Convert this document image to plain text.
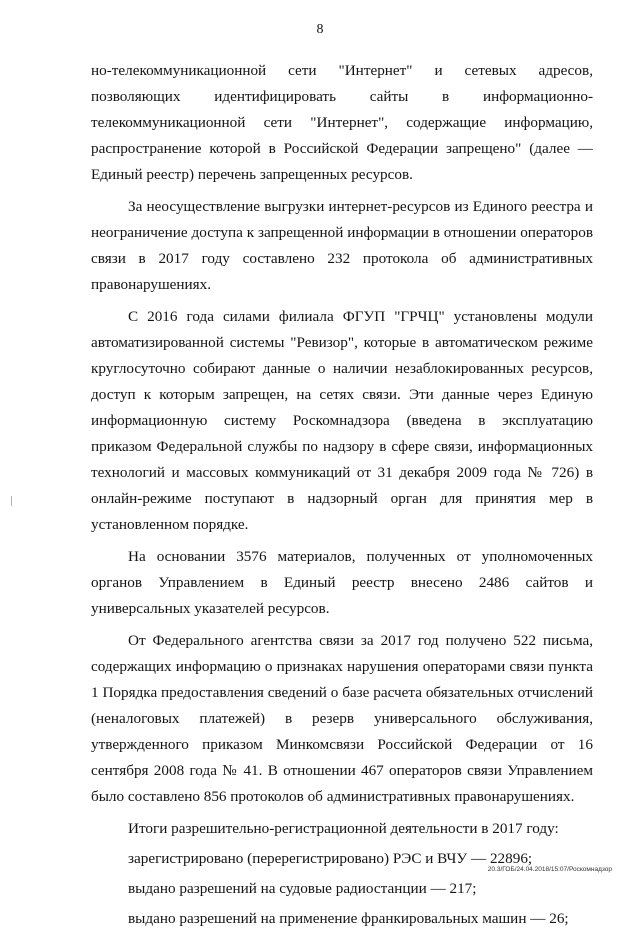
8

но-телекоммуникационной сети "Интернет" и сетевых адресов, позволяющих идентифицировать сайты в информационно-телекоммуникационной сети "Интернет", содержащие информацию, распространение которой в Российской Федерации запрещено" (далее — Единый реестр) перечень запрещенных ресурсов.

За неосуществление выгрузки интернет-ресурсов из Единого реестра и неограничение доступа к запрещенной информации в отношении операторов связи в 2017 году составлено 232 протокола об административных правонарушениях.

С 2016 года силами филиала ФГУП "ГРЧЦ" установлены модули автоматизированной системы "Ревизор", которые в автоматическом режиме круглосуточно собирают данные о наличии незаблокированных ресурсов, доступ к которым запрещен, на сетях связи. Эти данные через Единую информационную систему Роскомнадзора (введена в эксплуатацию приказом Федеральной службы по надзору в сфере связи, информационных технологий и массовых коммуникаций от 31 декабря 2009 года № 726) в онлайн-режиме поступают в надзорный орган для принятия мер в установленном порядке.

На основании 3576 материалов, полученных от уполномоченных органов Управлением в Единый реестр внесено 2486 сайтов и универсальных указателей ресурсов.

От Федерального агентства связи за 2017 год получено 522 письма, содержащих информацию о признаках нарушения операторами связи пункта 1 Порядка предоставления сведений о базе расчета обязательных отчислений (неналоговых платежей) в резерв универсального обслуживания, утвержденного приказом Минкомсвязи Российской Федерации от 16 сентября 2008 года № 41. В отношении 467 операторов связи Управлением было составлено 856 протоколов об административных правонарушениях.

Итоги разрешительно-регистрационной деятельности в 2017 году:

зарегистрировано (перерегистрировано) РЭС и ВЧУ — 22896;

выдано разрешений на судовые радиостанции — 217;

выдано разрешений на применение франкировальных машин — 26;

20.3/ГОБ/24.04.2018/15:07/Роскомнадзор
